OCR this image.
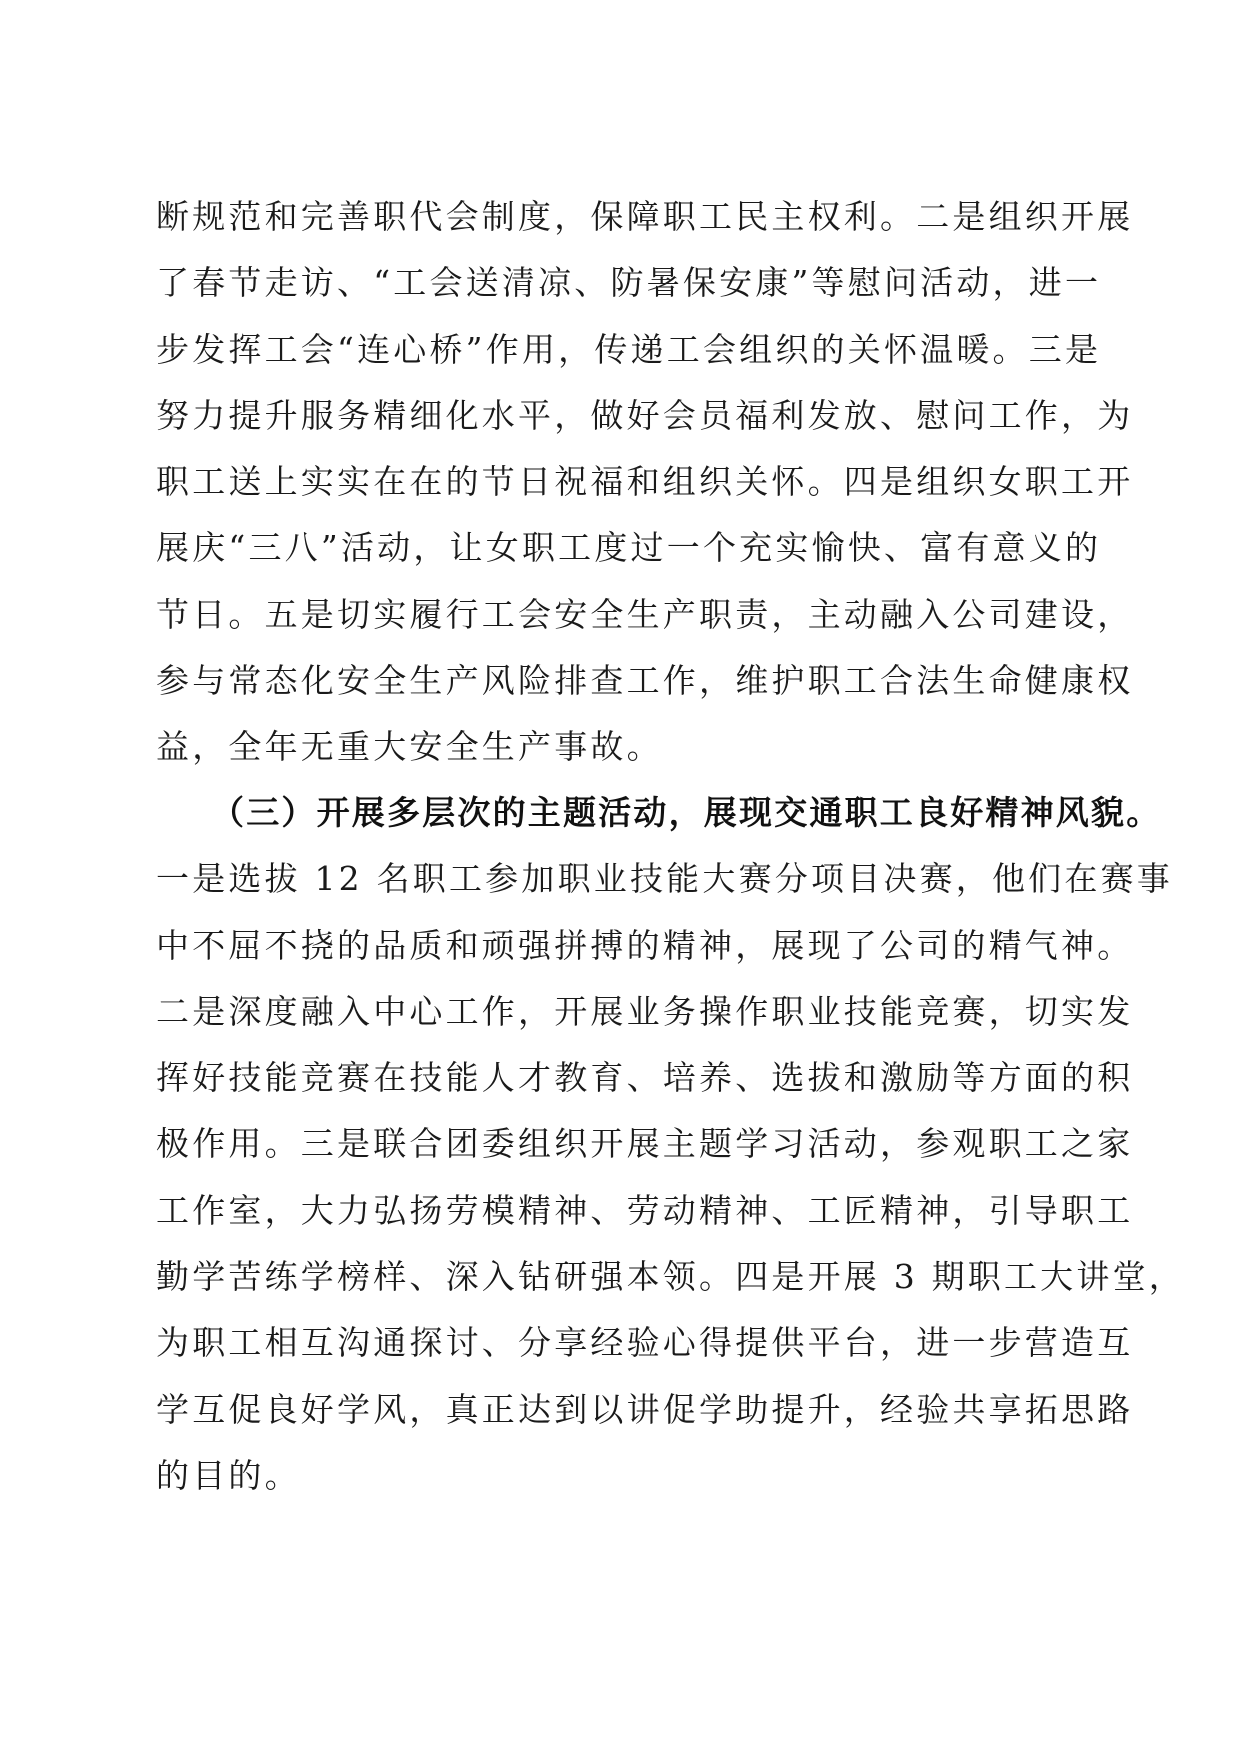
断规范和完善职代会制度，保障职工民主权利。二是组织开展
了春节走访、“工会送清凉、防暑保安康”等慰问活动，进一
步发挥工会“连心桥”作用，传递工会组织的关怀温暖。三是
努力提升服务精细化水平，做好会员福利发放、慰问工作，为
职工送上实实在在的节日祝福和组织关怀。四是组织女职工开
展庆“三八”活动，让女职工度过一个充实愉快、富有意义的
节日。五是切实履行工会安全生产职责，主动融入公司建设，
参与常态化安全生产风险排查工作，维护职工合法生命健康权
益，全年无重大安全生产事故。
（三）开展多层次的主题活动，展现交通职工良好精神风貌。
一是选拔 12 名职工参加职业技能大赛分项目决赛，他们在赛事
中不屈不挠的品质和顽强拼搏的精神，展现了公司的精气神。
二是深度融入中心工作，开展业务操作职业技能竞赛，切实发
挥好技能竞赛在技能人才教育、培养、选拔和激励等方面的积
极作用。三是联合团委组织开展主题学习活动，参观职工之家
工作室，大力弘扬劳模精神、劳动精神、工匠精神，引导职工
勤学苦练学榜样、深入钻研强本领。四是开展 3 期职工大讲堂，
为职工相互沟通探讨、分享经验心得提供平台，进一步营造互
学互促良好学风，真正达到以讲促学助提升，经验共享拓思路
的目的。
